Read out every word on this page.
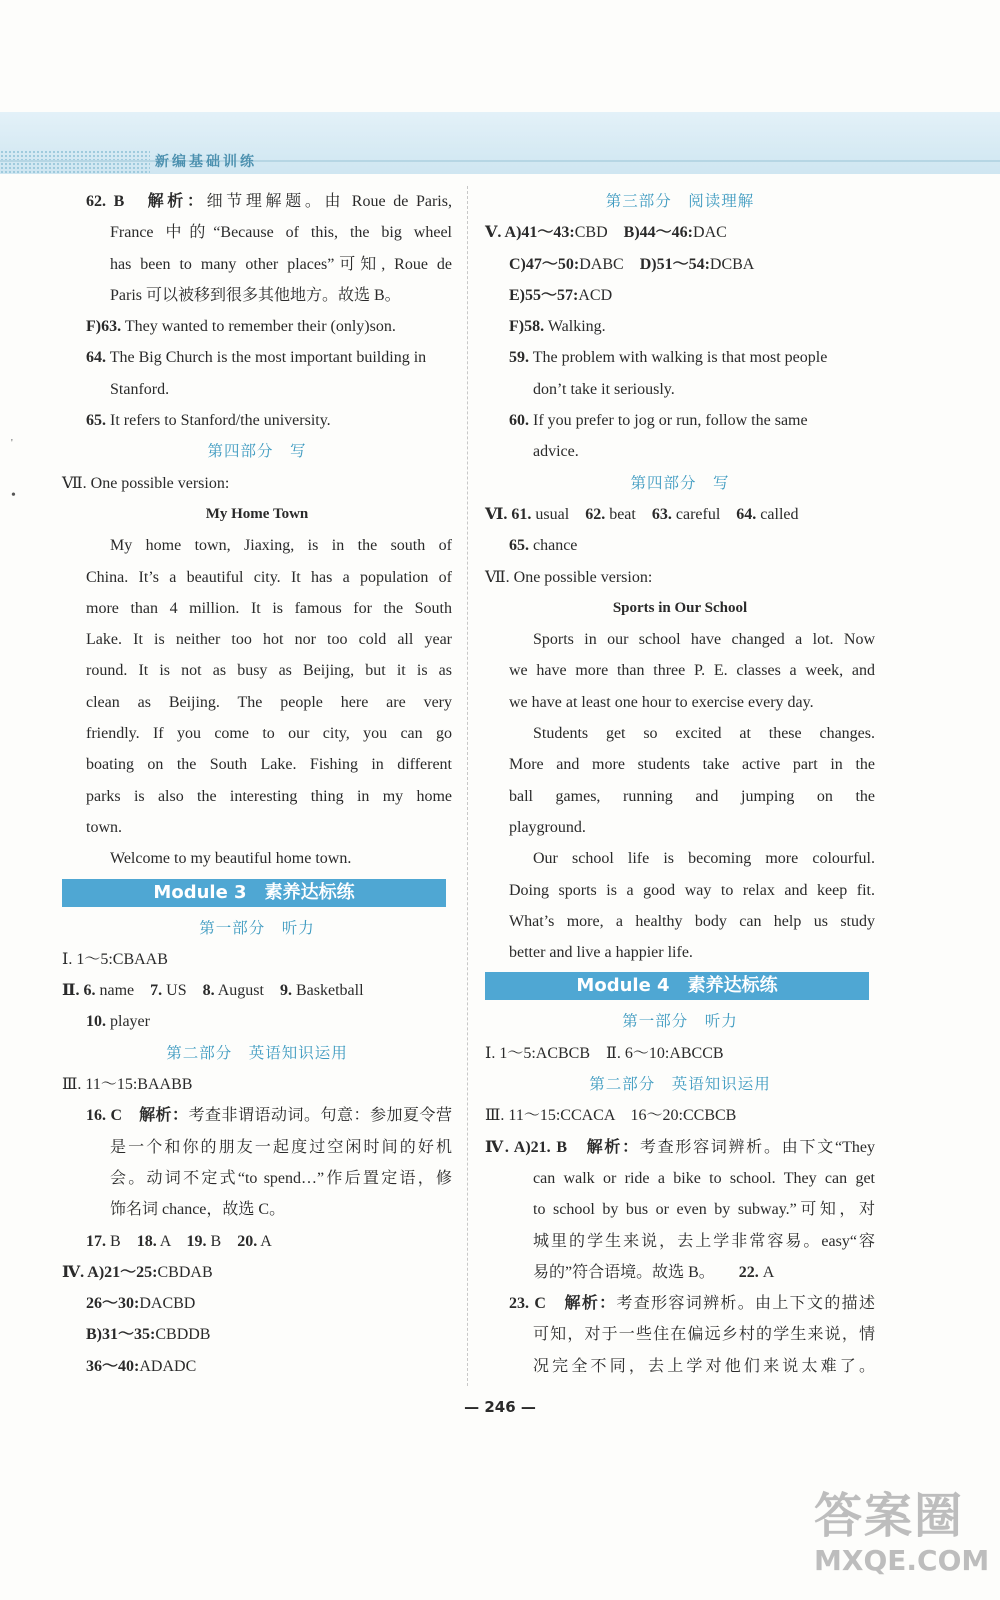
新编基础训练
'
•

62. B　 解析：细节理解题。由 Roue de Paris,

France 中的“Because of this, the big wheel

has been to many other places”可知, Roue de

Paris 可以被移到很多其他地方。故选 B。

F)63. They wanted to remember their (only)son.

64. The Big Church is the most important building in

Stanford.

65. It refers to Stanford/the university.

第四部分　写

Ⅶ. One possible version:

My Home Town

My home town, Jiaxing, is in the south of

China. It’s a beautiful city. It has a population of

more than 4 million. It is famous for the South

Lake. It is neither too hot nor too cold all year

round. It is not as busy as Beijing, but it is as

clean as Beijing. The people here are very

friendly. If you come to our city, you can go

boating on the South Lake. Fishing in different

parks is also the interesting thing in my home

town.

Welcome to my beautiful home town.

Module 3　素养达标练

第一部分　听力

Ⅰ. 1～5:CBAAB

Ⅱ. 6. name　 7. US　 8. August　 9. Basketball

10. player

第二部分　英语知识运用

Ⅲ. 11～15:BAABB

16. C　 解析：考查非谓语动词。句意：参加夏令营

是一个和你的朋友一起度过空闲时间的好机

会。动词不定式“to spend…”作后置定语，修

饰名词 chance，故选 C。

17. B　 18. A　 19. B　 20. A

Ⅳ. A)21～25:CBDAB

26～30:DACBD

B)31～35:CBDDB

36～40:ADADC

第三部分　阅读理解

Ⅴ. A)41～43:CBD　 B)44～46:DAC

C)47～50:DABC　 D)51～54:DCBA

E)55～57:ACD

F)58. Walking.

59. The problem with walking is that most people

don’t take it seriously.

60. If you prefer to jog or run, follow the same

advice.

第四部分　写

Ⅵ. 61. usual　 62. beat　 63. careful　 64. called

65. chance

Ⅶ. One possible version:

Sports in Our School

Sports in our school have changed a lot. Now

we have more than three P. E. classes a week, and

we have at least one hour to exercise every day.

Students get so excited at these changes.

More and more students take active part in the

ball games, running and jumping on the

playground.

Our school life is becoming more colourful.

Doing sports is a good way to relax and keep fit.

What’s more, a healthy body can help us study

better and live a happier life.

Module 4　素养达标练

第一部分　听力

Ⅰ. 1～5:ACBCB　Ⅱ. 6～10:ABCCB

第二部分　英语知识运用

Ⅲ. 11～15:CCACA　16～20:CCBCB

Ⅳ. A)21. B　 解析：考查形容词辨析。由下文“They

can walk or ride a bike to school. They can get

to school by bus or even by subway.”可知，对

城里的学生来说，去上学非常容易。easy“容

易的”符合语境。故选 B。　　 22. A

23. C　 解析：考查形容词辨析。由上下文的描述

可知，对于一些住在偏远乡村的学生来说，情

况完全不同，去上学对他们来说太难了。

— 246 —
答案圈
MXQE.COM
